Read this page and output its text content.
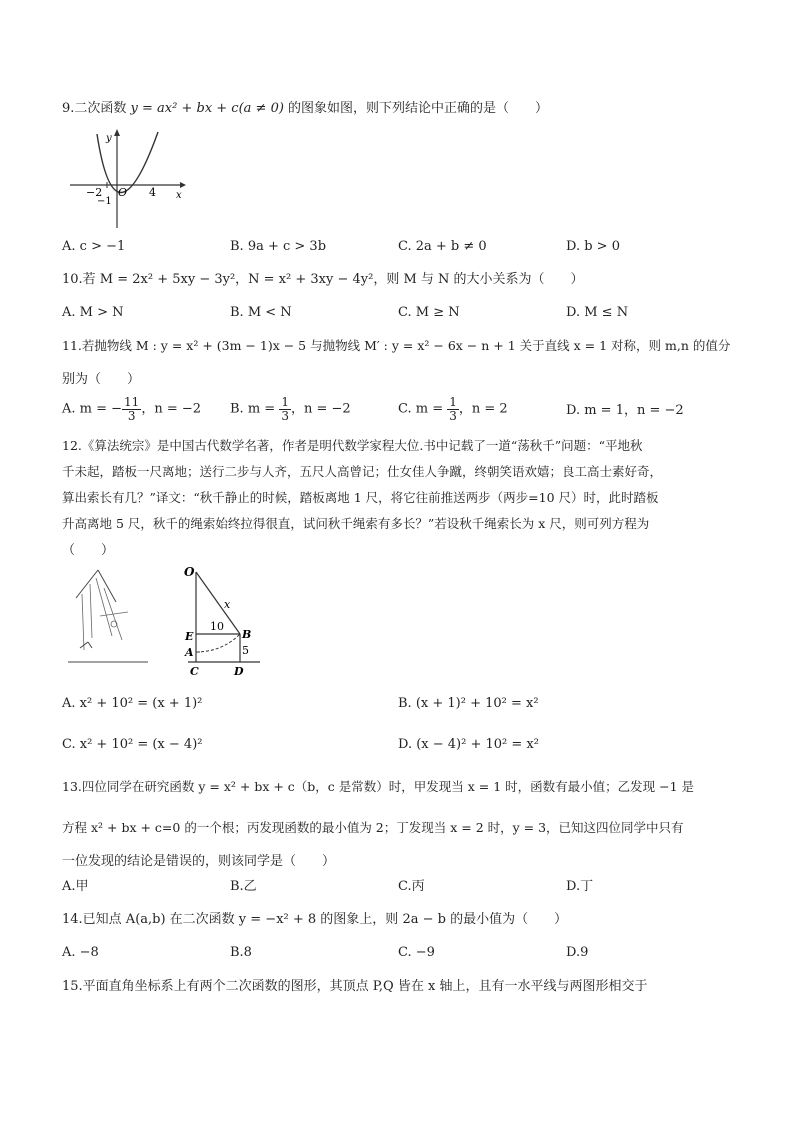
9.二次函数 y = ax² + bx + c(a ≠ 0) 的图象如图，则下列结论中正确的是（　　）
y
x
O
−2
−1
4
A. c > −1	B. 9a + c > 3b	C. 2a + b ≠ 0	D. b > 0
10.若 M = 2x² + 5xy − 3y²，N = x² + 3xy − 4y²，则 M 与 N 的大小关系为（　　）
A. M > N	B. M < N	C. M ≥ N	D. M ≤ N
11.若抛物线 M : y = x² + (3m − 1)x − 5 与抛物线 M′ : y = x² − 6x − n + 1 关于直线 x = 1 对称，则 m,n 的值分
别为（　　）
A. m = − $\frac{11}{3}$ ，n = −2 B. $m = \frac{1}{3}$ ，n = −2	C. $m = \frac{1}{3}$ ，n = 2	D. m = 1，n = −2
12.《算法统宗》是中国古代数学名著，作者是明代数学家程大位.书中记载了一道“荡秋千”问题：“平地秋
千未起，踏板一尺离地；送行二步与人齐，五尺人高曾记；仕女佳人争蹴，终朝笑语欢嬉；良工高士素好奇，
算出索长有几？”译文：“秋千静止的时候，踏板离地 1 尺，将它往前推送两步（两步=10 尺）时，此时踏板
升高离地 5 尺，秋千的绳索始终拉得很直，试问秋千绳索有多长？”若设秋千绳索长为 x 尺，则可列方程为
（　　）
O
x
10
E	B
A	5
C	D
A. x² + 10² = (x + 1)²	B. (x + 1)² + 10² = x²
C. x² + 10² = (x − 4)²	D. (x − 4)² + 10² = x²
13.四位同学在研究函数 y = x² + bx + c（b，c 是常数）时，甲发现当 x = 1 时，函数有最小值；乙发现 −1 是
方程 x² + bx + c=0 的一个根；丙发现函数的最小值为 2；丁发现当 x = 2 时，y = 3，已知这四位同学中只有
一位发现的结论是错误的，则该同学是（　　）
A.甲	B.乙	C.丙	D.丁
14.已知点 A(a,b) 在二次函数 y = −x² + 8 的图象上，则 2a − b 的最小值为（　　）
A. −8	B.8	C. −9	D.9
15.平面直角坐标系上有两个二次函数的图形，其顶点 P,Q 皆在 x 轴上，且有一水平线与两图形相交于
